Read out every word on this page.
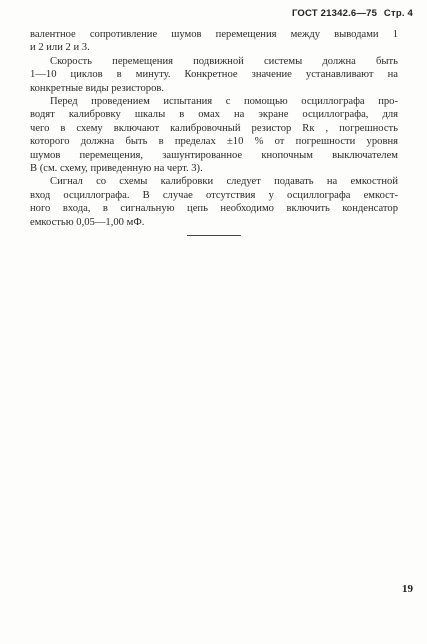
ГОСТ 21342.6—75 Стр. 4
валентное сопротивление шумов перемещения между выводами 1
и 2 или 2 и 3.
Скорость перемещения подвижной системы должна быть
1—10 циклов в минуту. Конкретное значение устанавливают на
конкретные виды резисторов.
Перед проведением испытания с помощью осциллографа про-
водят калибровку шкалы в омах на экране осциллографа, для
чего в схему включают калибровочный резистор Rк , погрешность
которого должна быть в пределах ±10 % от погрешности уровня
шумов перемещения, зашунтированное кнопочным выключателем
В (см. схему, приведенную на черт. 3).
Сигнал со схемы калибровки следует подавать на емкостной
вход осциллографа. В случае отсутствия у осциллографа емкост-
ного входа, в сигнальную цепь необходимо включить конденсатор
емкостью 0,05—1,00 мФ.
19
